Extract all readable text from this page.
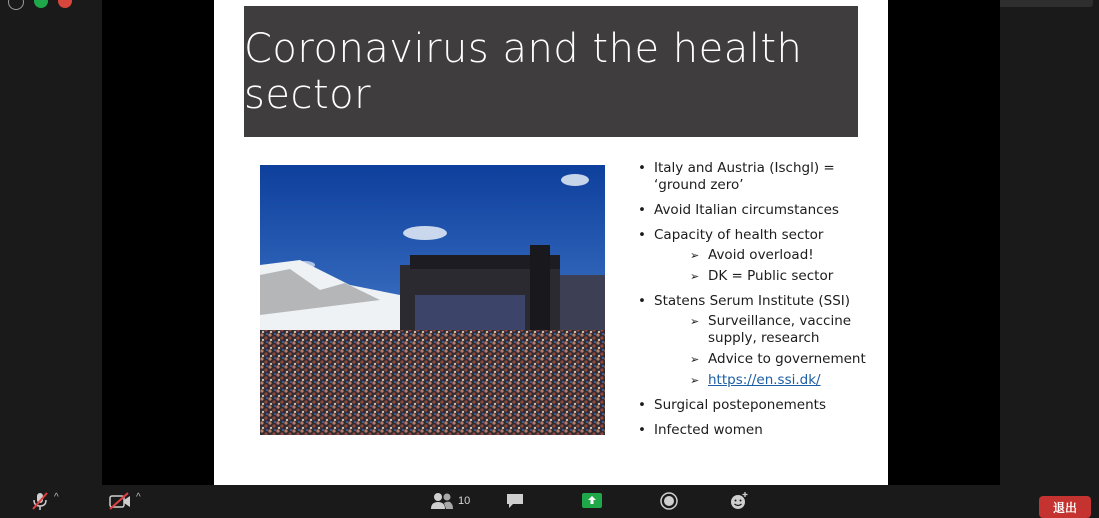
Coronavirus and the health sector
• Italy and Austria (Ischgl) = ‘ground zero’
• Avoid Italian circumstances
• Capacity of health sector
➢ Avoid overload!
➢ DK = Public sector
• Statens Serum Institute (SSI)
➢ Surveillance, vaccine supply, research
➢ Advice to governement
➢ https://en.ssi.dk/
• Surgical posteponements
• Infected women
^	^	10	退出
